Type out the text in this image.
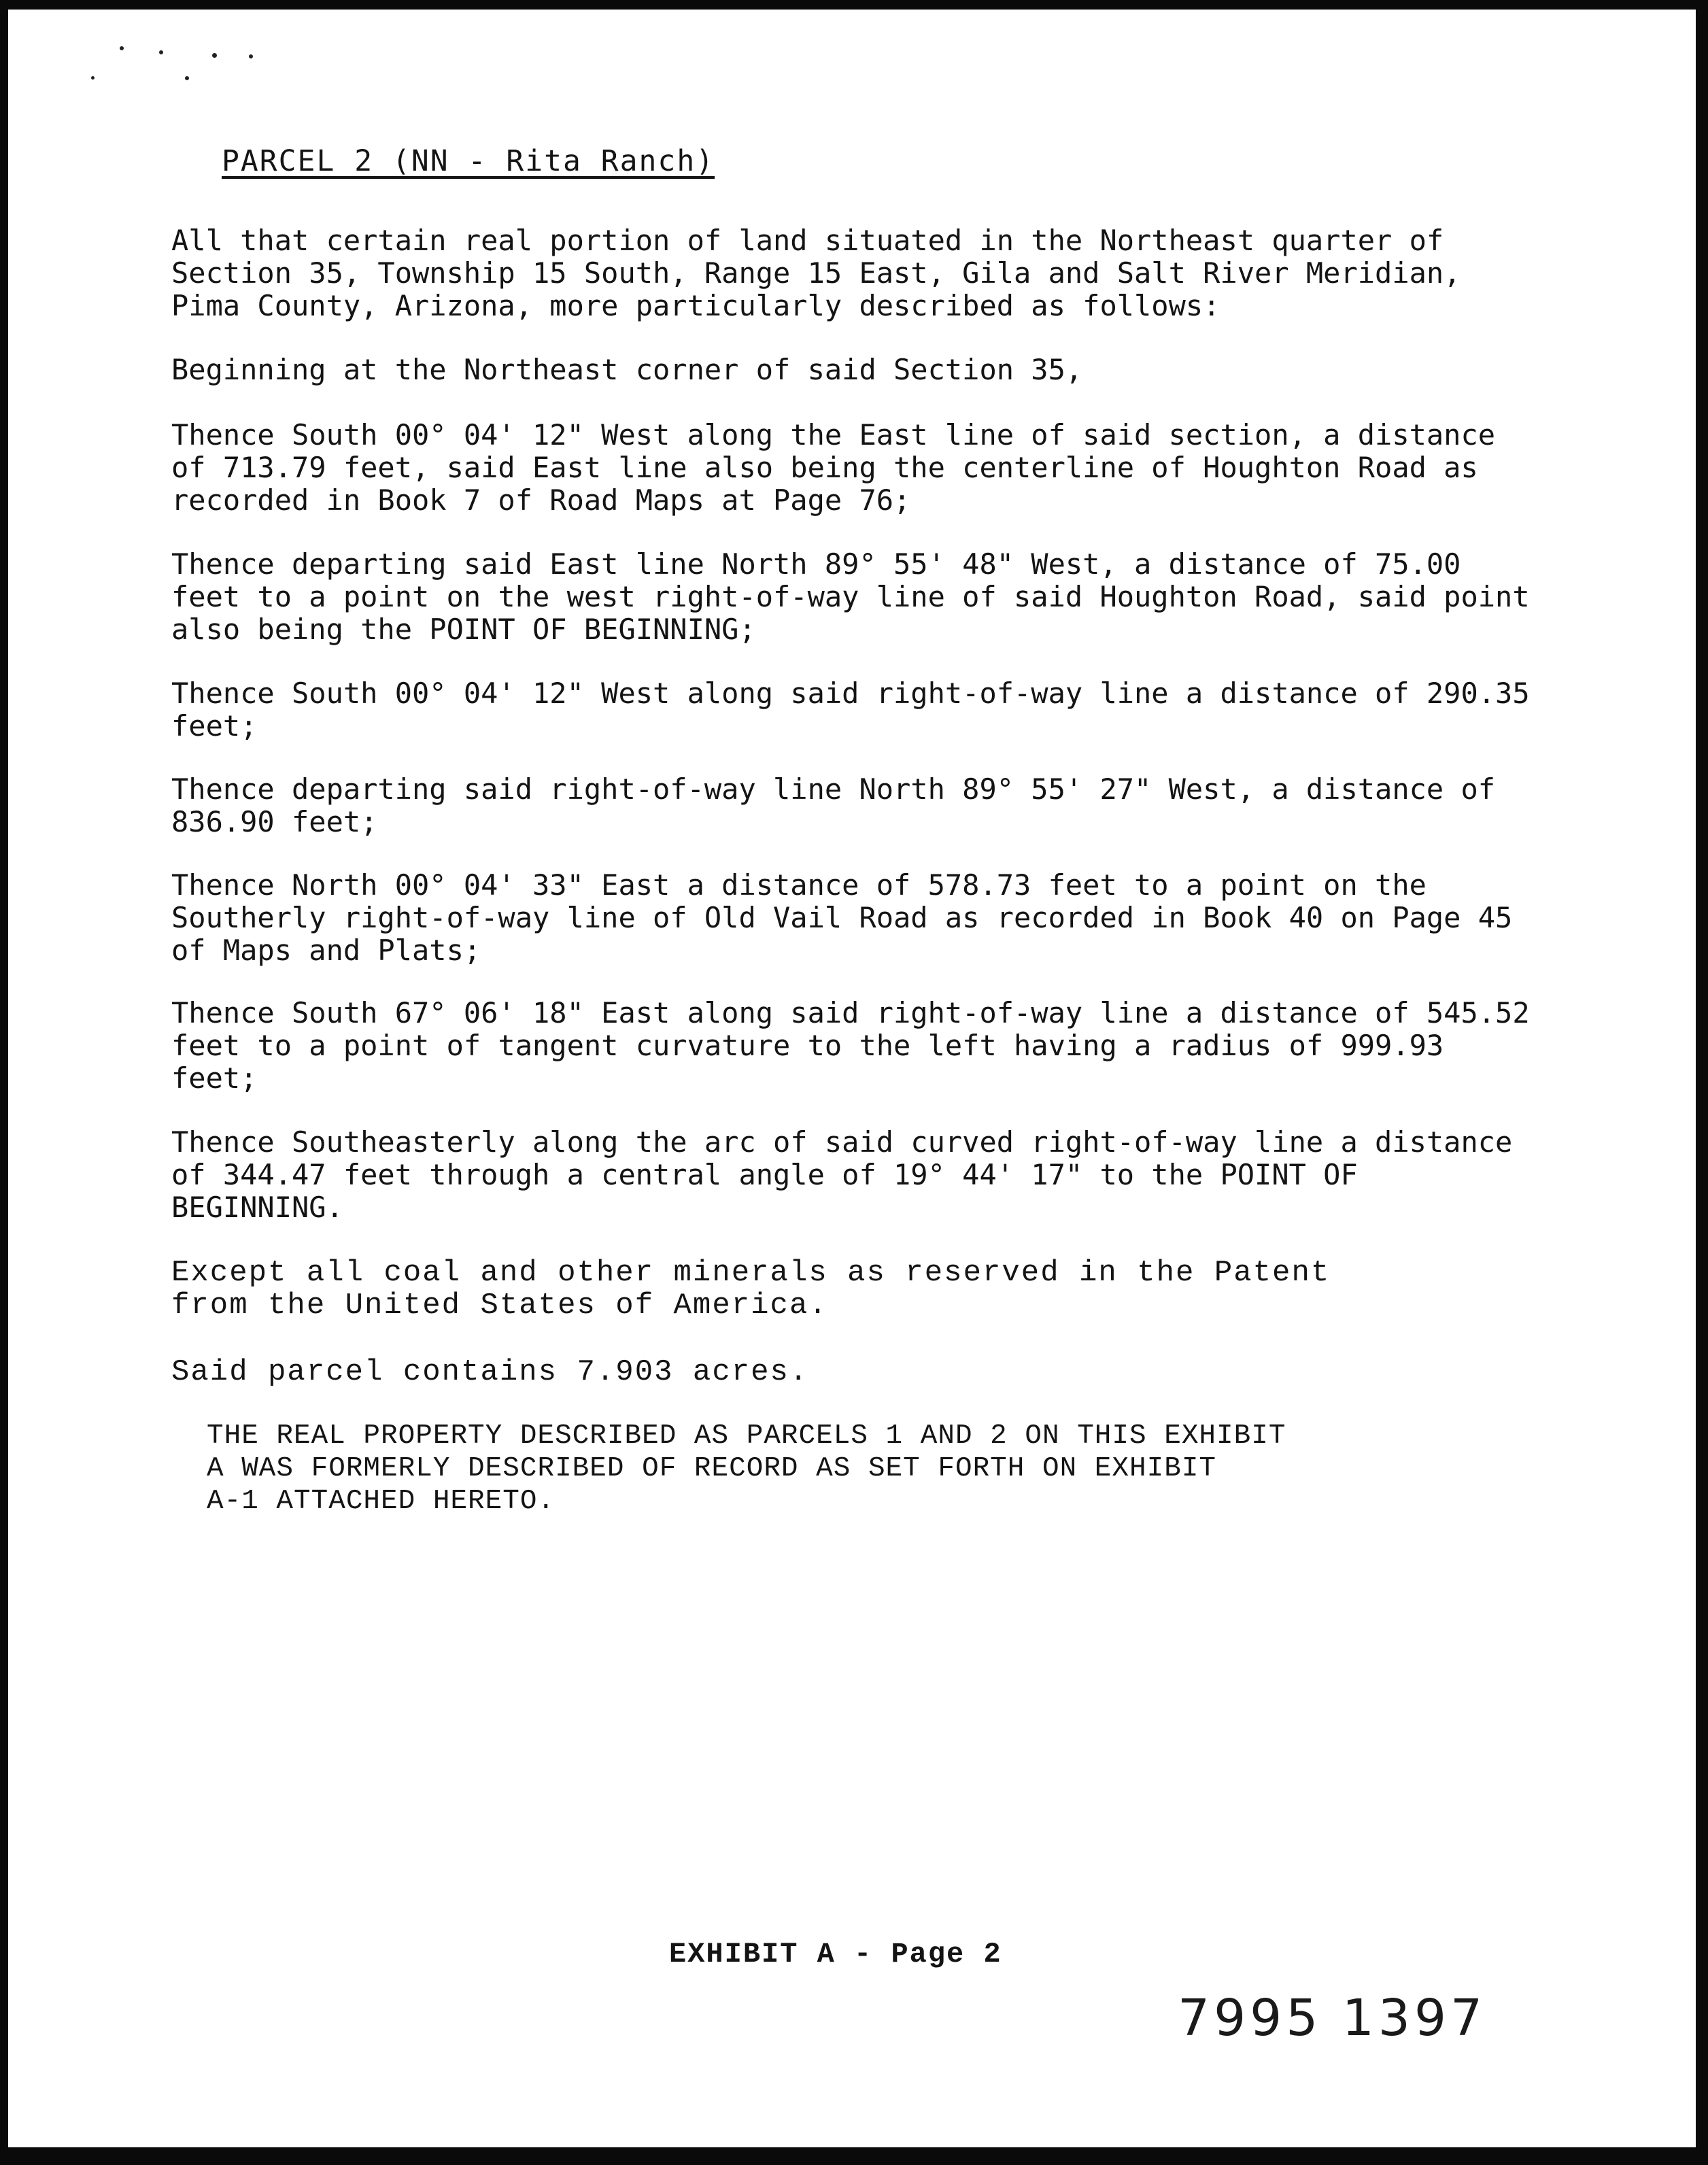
PARCEL 2 (NN - Rita Ranch)

All that certain real portion of land situated in the Northeast quarter of
Section 35, Township 15 South, Range 15 East, Gila and Salt River Meridian,
Pima County, Arizona, more particularly described as follows:

Beginning at the Northeast corner of said Section 35,

Thence South 00° 04' 12" West along the East line of said section, a distance
of 713.79 feet, said East line also being the centerline of Houghton Road as
recorded in Book 7 of Road Maps at Page 76;

Thence departing said East line North 89° 55' 48" West, a distance of 75.00
feet to a point on the west right-of-way line of said Houghton Road, said point
also being the POINT OF BEGINNING;

Thence South 00° 04' 12" West along said right-of-way line a distance of 290.35
feet;

Thence departing said right-of-way line North 89° 55' 27" West, a distance of
836.90 feet;

Thence North 00° 04' 33" East a distance of 578.73 feet to a point on the
Southerly right-of-way line of Old Vail Road as recorded in Book 40 on Page 45
of Maps and Plats;

Thence South 67° 06' 18" East along said right-of-way line a distance of 545.52
feet to a point of tangent curvature to the left having a radius of 999.93
feet;

Thence Southeasterly along the arc of said curved right-of-way line a distance
of 344.47 feet through a central angle of 19° 44' 17" to the POINT OF
BEGINNING.

Except all coal and other minerals as reserved in the Patent
from the United States of America.

Said parcel contains 7.903 acres.

THE REAL PROPERTY DESCRIBED AS PARCELS 1 AND 2 ON THIS EXHIBIT
A WAS FORMERLY DESCRIBED OF RECORD AS SET FORTH ON EXHIBIT
A-1 ATTACHED HERETO.

EXHIBIT A - Page 2
7995 1397
